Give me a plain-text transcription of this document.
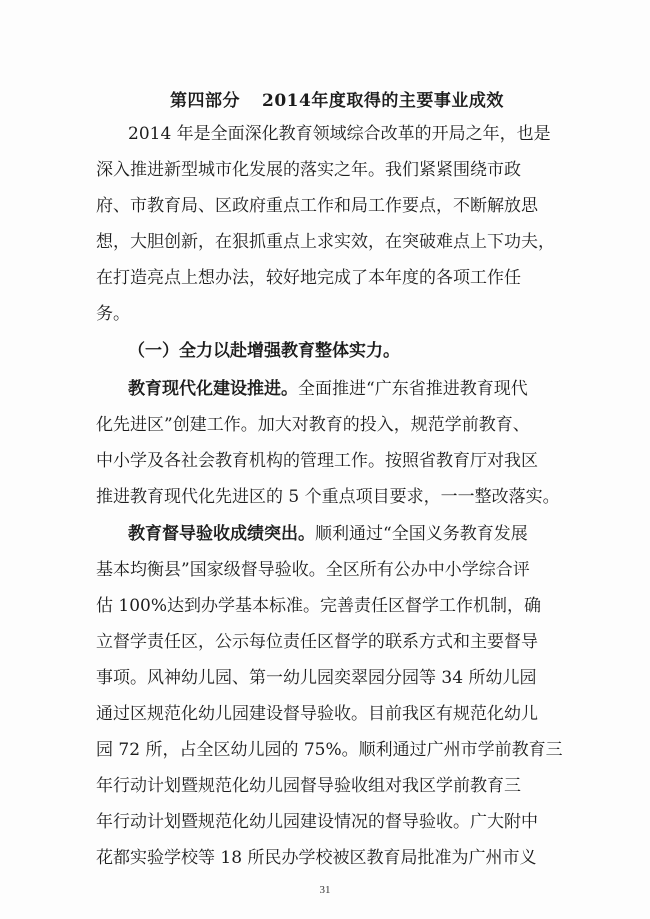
第四部分 2014年度取得的主要事业成效
2014 年是全面深化教育领域综合改革的开局之年，也是
深入推进新型城市化发展的落实之年。我们紧紧围绕市政
府、市教育局、区政府重点工作和局工作要点，不断解放思
想，大胆创新，在狠抓重点上求实效，在突破难点上下功夫，
在打造亮点上想办法，较好地完成了本年度的各项工作任
务。
（一）全力以赴增强教育整体实力。
教育现代化建设推进。全面推进“广东省推进教育现代
化先进区”创建工作。加大对教育的投入，规范学前教育、
中小学及各社会教育机构的管理工作。按照省教育厅对我区
推进教育现代化先进区的 5 个重点项目要求，一一整改落实。
教育督导验收成绩突出。顺利通过“全国义务教育发展
基本均衡县”国家级督导验收。全区所有公办中小学综合评
估 100%达到办学基本标准。完善责任区督学工作机制，确
立督学责任区，公示每位责任区督学的联系方式和主要督导
事项。风神幼儿园、第一幼儿园奕翠园分园等 34 所幼儿园
通过区规范化幼儿园建设督导验收。目前我区有规范化幼儿
园 72 所，占全区幼儿园的 75%。顺利通过广州市学前教育三
年行动计划暨规范化幼儿园督导验收组对我区学前教育三
年行动计划暨规范化幼儿园建设情况的督导验收。广大附中
花都实验学校等 18 所民办学校被区教育局批准为广州市义
31
